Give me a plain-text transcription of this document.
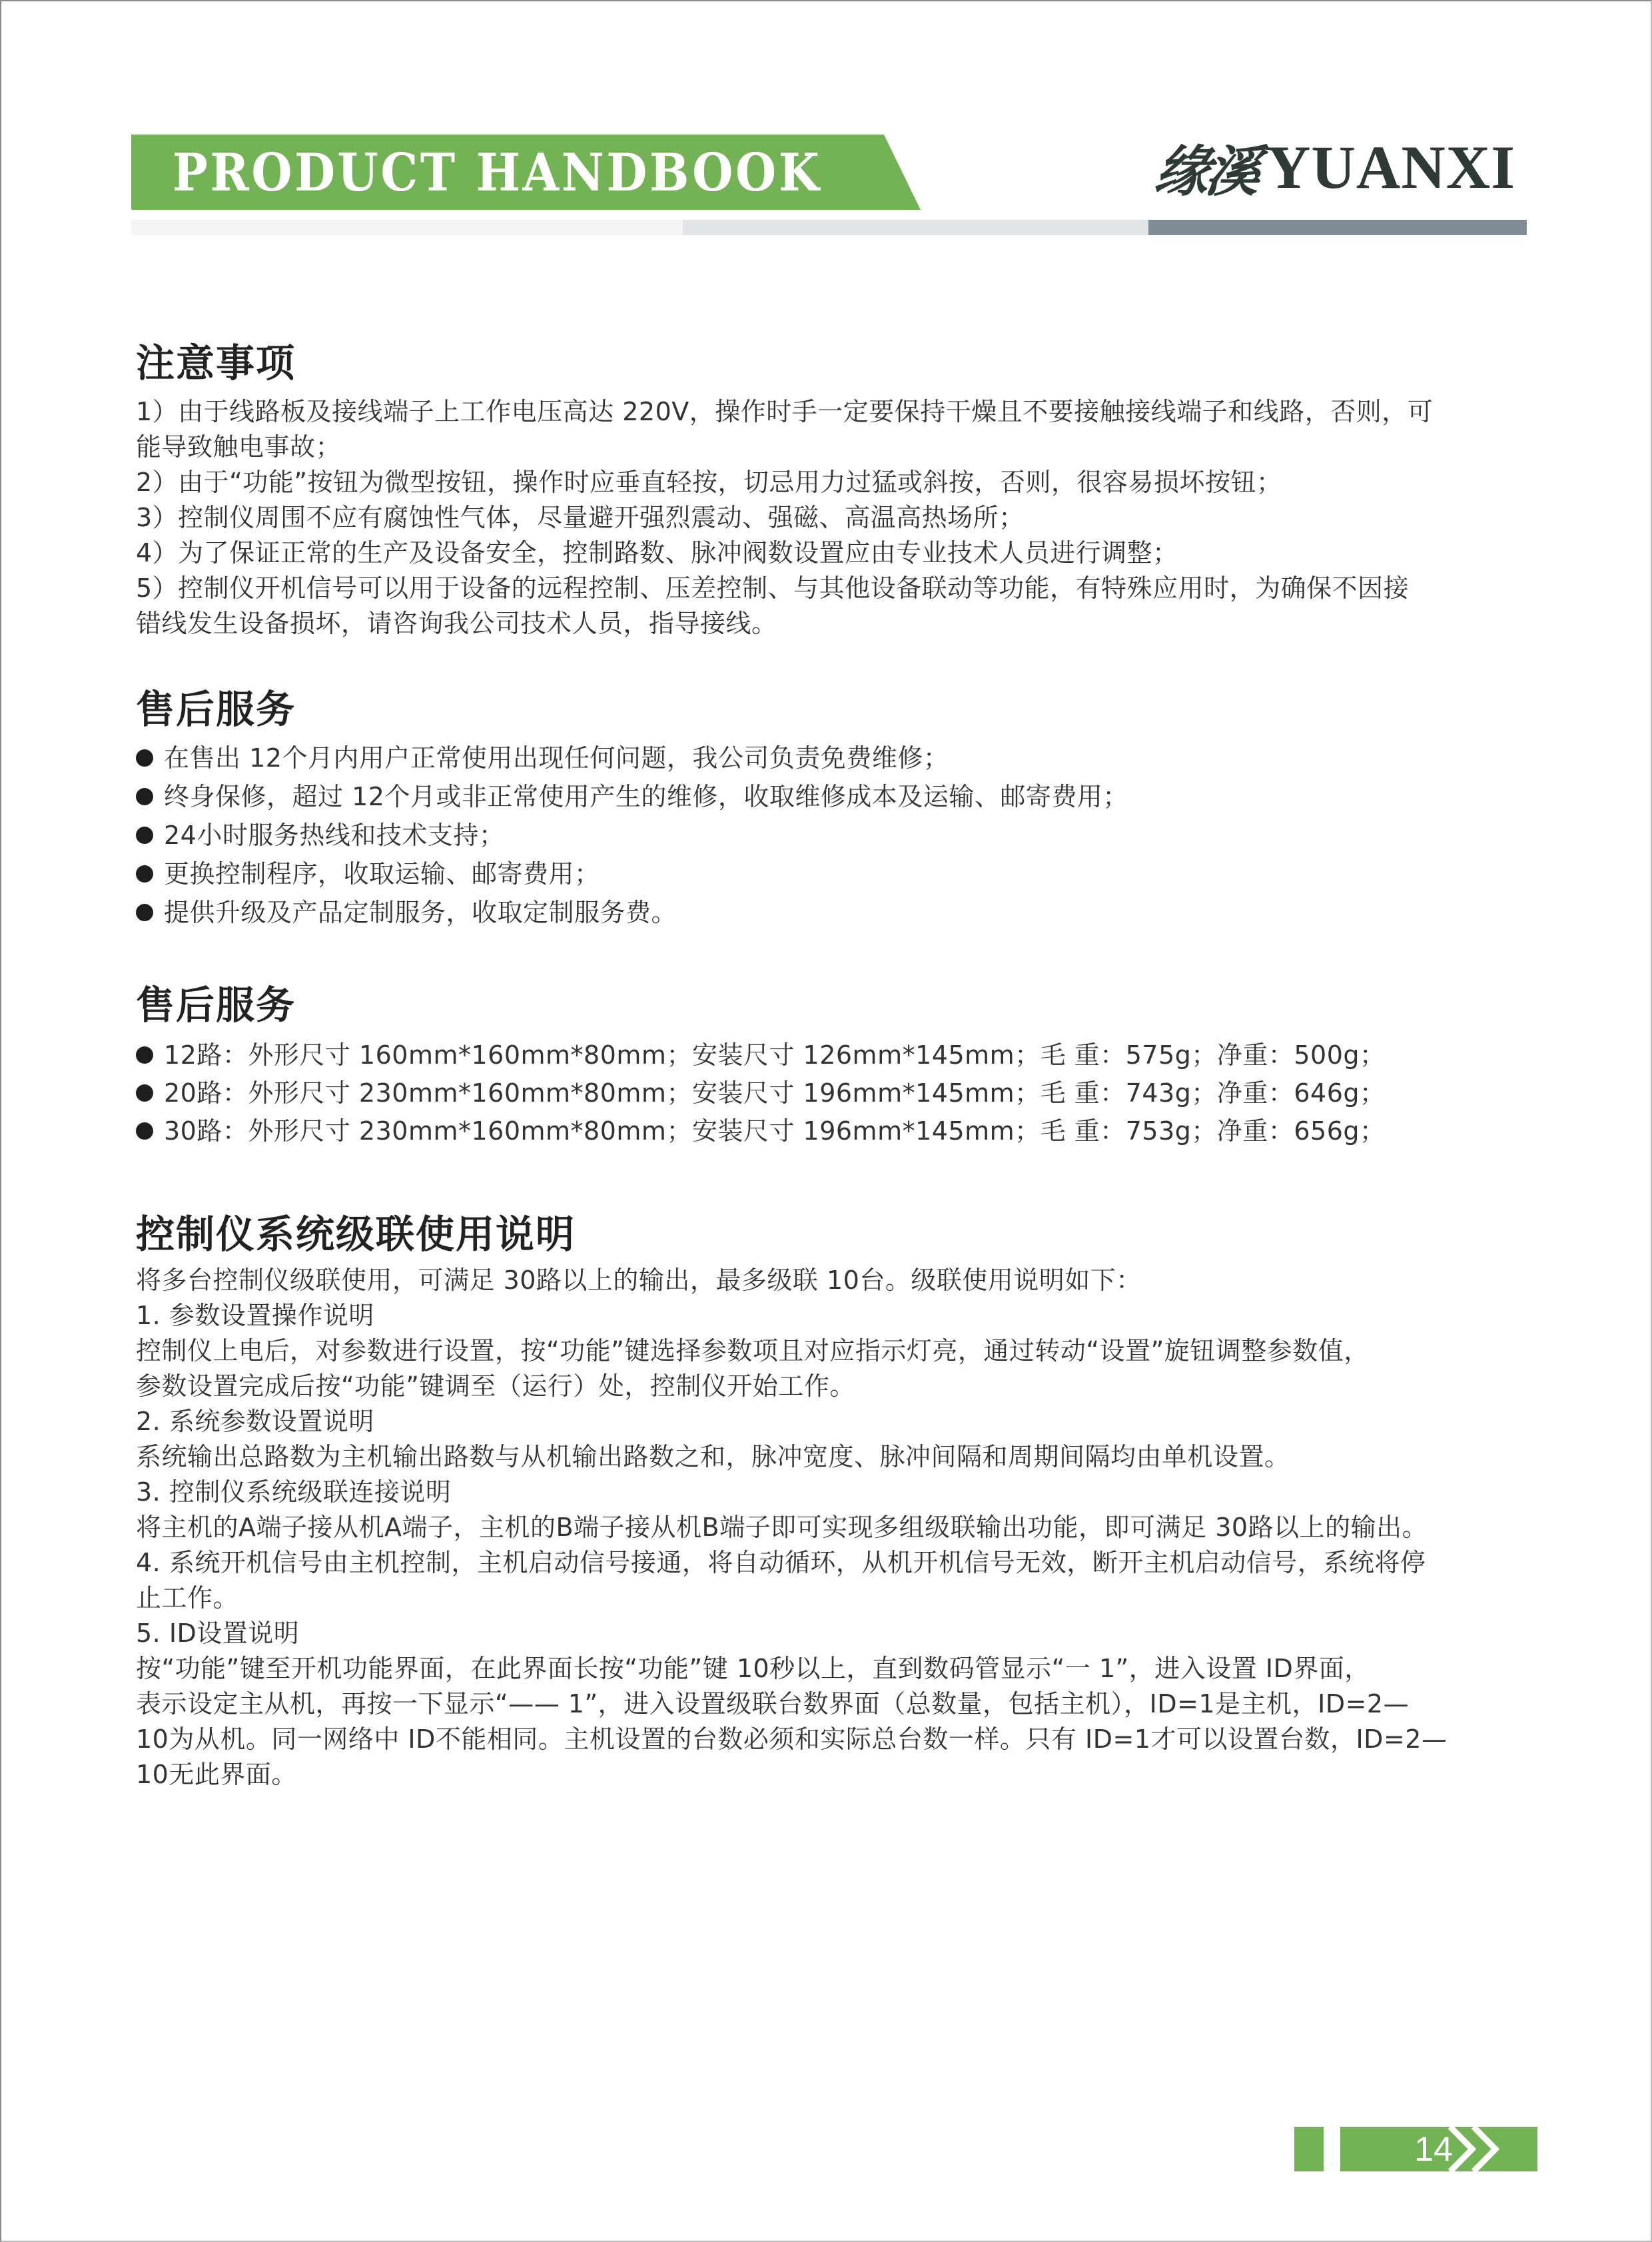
PRODUCT HANDBOOK	缘溪 YUANXI
注意事项
1）由于线路板及接线端子上工作电压高达 220V，操作时手一定要保持干燥且不要接触接线端子和线路，否则，可
能导致触电事故；
2）由于“功能”按钮为微型按钮，操作时应垂直轻按，切忌用力过猛或斜按，否则，很容易损坏按钮；
3）控制仪周围不应有腐蚀性气体，尽量避开强烈震动、强磁、高温高热场所；
4）为了保证正常的生产及设备安全，控制路数、脉冲阀数设置应由专业技术人员进行调整；
5）控制仪开机信号可以用于设备的远程控制、压差控制、与其他设备联动等功能，有特殊应用时，为确保不因接
错线发生设备损坏，请咨询我公司技术人员，指导接线。
售后服务
在售出 12个月内用户正常使用出现任何问题，我公司负责免费维修；
终身保修，超过 12个月或非正常使用产生的维修，收取维修成本及运输、邮寄费用；
24小时服务热线和技术支持；
更换控制程序，收取运输、邮寄费用；
提供升级及产品定制服务，收取定制服务费。
售后服务
12路：外形尺寸 160mm*160mm*80mm；安装尺寸 126mm*145mm；毛 重：575g；净重：500g；
20路：外形尺寸 230mm*160mm*80mm；安装尺寸 196mm*145mm；毛 重：743g；净重：646g；
30路：外形尺寸 230mm*160mm*80mm；安装尺寸 196mm*145mm；毛 重：753g；净重：656g；
控制仪系统级联使用说明
将多台控制仪级联使用，可满足 30路以上的输出，最多级联 10台。级联使用说明如下：
1. 参数设置操作说明
控制仪上电后，对参数进行设置，按“功能”键选择参数项且对应指示灯亮，通过转动“设置”旋钮调整参数值，
参数设置完成后按“功能”键调至（运行）处，控制仪开始工作。
2. 系统参数设置说明
系统输出总路数为主机输出路数与从机输出路数之和，脉冲宽度、脉冲间隔和周期间隔均由单机设置。
3. 控制仪系统级联连接说明
将主机的A端子接从机A端子，主机的B端子接从机B端子即可实现多组级联输出功能，即可满足 30路以上的输出。
4. 系统开机信号由主机控制，主机启动信号接通，将自动循环，从机开机信号无效，断开主机启动信号，系统将停
止工作。
5. ID设置说明
按“功能”键至开机功能界面，在此界面长按“功能”键 10秒以上，直到数码管显示“一 1”，进入设置 ID界面，
表示设定主从机，再按一下显示“—— 1”，进入设置级联台数界面（总数量，包括主机），ID=1是主机，ID=2—
10为从机。同一网络中 ID不能相同。主机设置的台数必须和实际总台数一样。只有 ID=1才可以设置台数，ID=2—
10无此界面。
14
